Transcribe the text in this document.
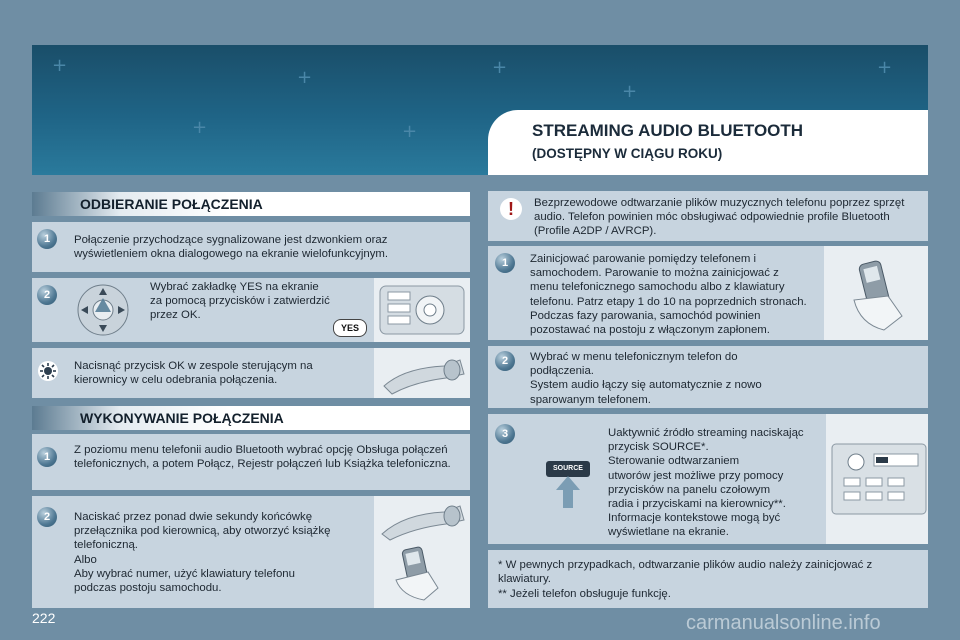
+
+	+
+
+
+	+	STREAMING AUDIO BLUETOOTH
(DOSTĘPNY W CIĄGU ROKU)
ODBIERANIE POŁĄCZENIA
1	Połączenie przychodzące sygnalizowane jest dzwonkiem oraz wyświetleniem okna dialogowego na ekranie wielofunkcyjnym.
2
Wybrać zakładkę YES na ekranie
za pomocą przycisków i zatwierdzić
przez OK.
YES
Nacisnąć przycisk OK w zespole sterującym na kierownicy w celu odebrania połączenia.
WYKONYWANIE POŁĄCZENIA
1
Z poziomu menu telefonii audio Bluetooth wybrać opcję Obsługa połączeń telefonicznych, a potem Połącz, Rejestr połączeń lub Książka telefoniczna.
2	Naciskać przez ponad dwie sekundy końcówkę
przełącznika pod kierownicą, aby otworzyć książkę
telefoniczną.
Albo
Aby wybrać numer, użyć klawiatury telefonu
podczas postoju samochodu.
!	Bezprzewodowe odtwarzanie plików muzycznych telefonu poprzez sprzęt audio. Telefon powinien móc obsługiwać odpowiednie profile Bluetooth (Profile A2DP / AVRCP).
1	Zainicjować parowanie pomiędzy telefonem i
samochodem. Parowanie to można zainicjować z
menu telefonicznego samochodu albo z klawiatury
telefonu. Patrz etapy 1 do 10 na poprzednich stronach.
Podczas fazy parowania, samochód powinien
pozostawać na postoju z włączonym zapłonem.
2	Wybrać w menu telefonicznym telefon do
podłączenia.
System audio łączy się automatycznie z nowo
sparowanym telefonem.
3
SOURCE
Uaktywnić źródło streaming naciskając
przycisk SOURCE*.
Sterowanie odtwarzaniem
utworów jest możliwe przy pomocy
przycisków na panelu czołowym
radia i przyciskami na kierownicy**.
Informacje kontekstowe mogą być
wyświetlane na ekranie.
* W pewnych przypadkach, odtwarzanie plików audio należy zainicjować z
klawiatury.
** Jeżeli telefon obsługuje funkcję.
222	carmanualsonline.info
